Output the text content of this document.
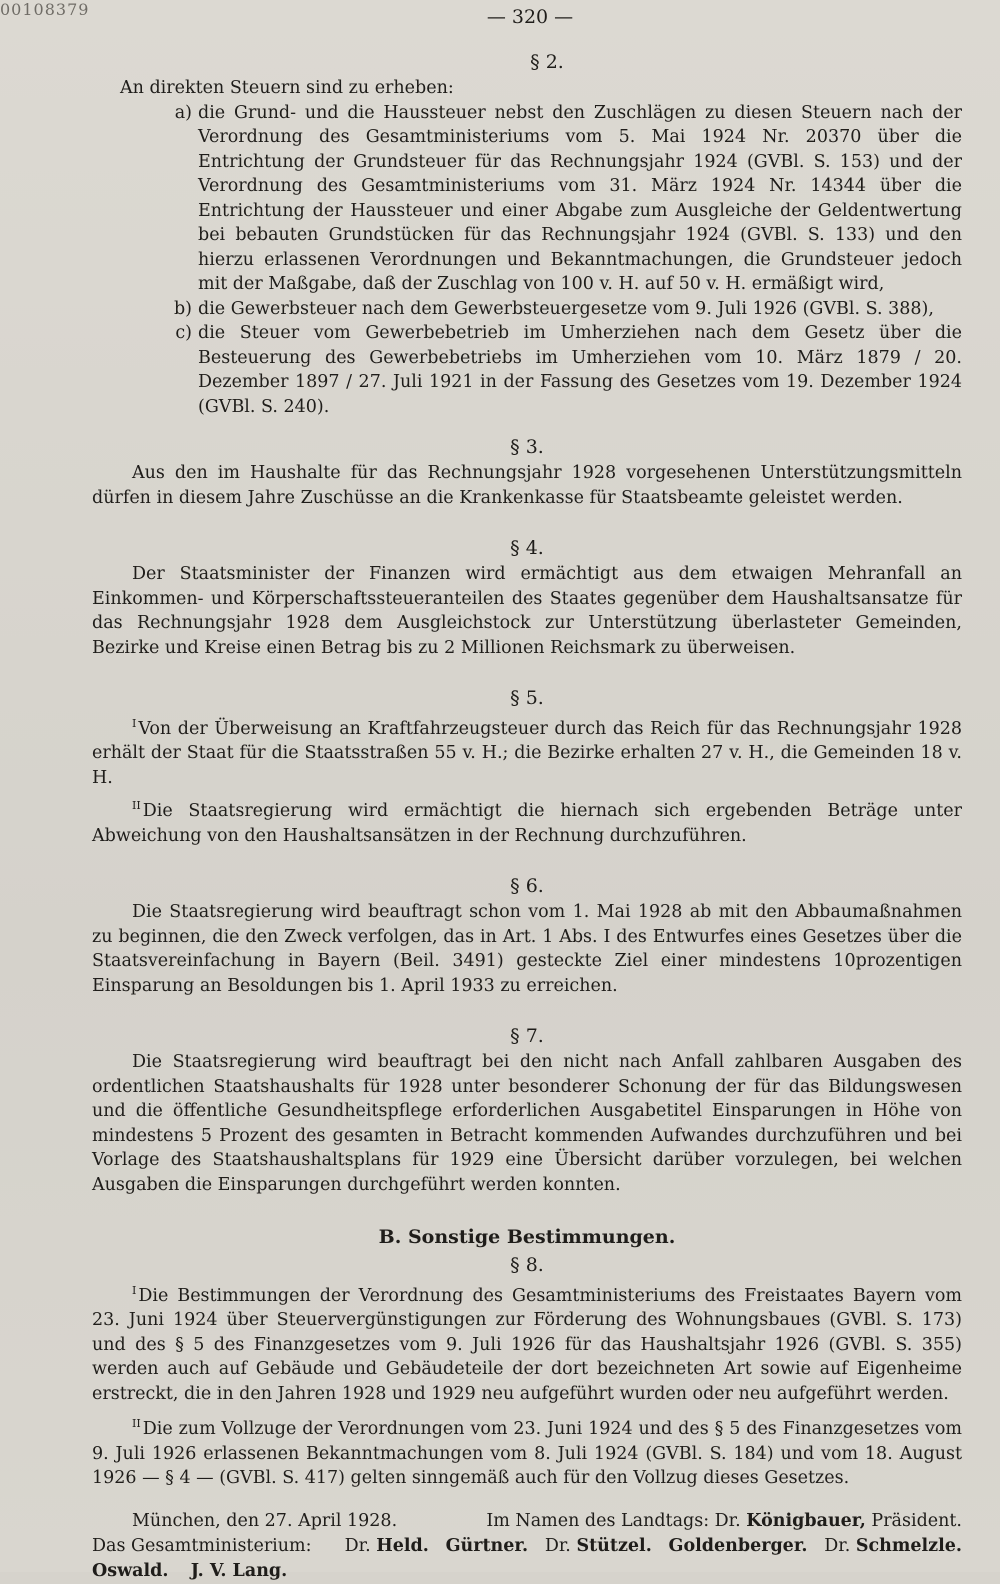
00108379	— 320 —

§ 2.

An direkten Steuern sind zu erheben:

a) die Grund- und die Haussteuer nebst den Zuschlägen zu diesen Steuern nach der Verordnung des Gesamtministeriums vom 5. Mai 1924 Nr. 20370 über die Entrichtung der Grundsteuer für das Rechnungsjahr 1924 (GVBl. S. 153) und der Verordnung des Gesamtministeriums vom 31. März 1924 Nr. 14344 über die Entrichtung der Haussteuer und einer Abgabe zum Ausgleiche der Geldentwertung bei bebauten Grundstücken für das Rechnungsjahr 1924 (GVBl. S. 133) und den hierzu erlassenen Verordnungen und Bekanntmachungen, die Grundsteuer jedoch mit der Maßgabe, daß der Zuschlag von 100 v. H. auf 50 v. H. ermäßigt wird,
b) die Gewerbsteuer nach dem Gewerbsteuergesetze vom 9. Juli 1926 (GVBl. S. 388),
c) die Steuer vom Gewerbebetrieb im Umherziehen nach dem Gesetz über die Besteuerung des Gewerbebetriebs im Umherziehen vom 10. März 1879 / 20. Dezember 1897 / 27. Juli 1921 in der Fassung des Gesetzes vom 19. Dezember 1924 (GVBl. S. 240).

§ 3.

Aus den im Haushalte für das Rechnungsjahr 1928 vorgesehenen Unterstützungsmitteln dürfen in diesem Jahre Zuschüsse an die Krankenkasse für Staatsbeamte geleistet werden.

§ 4.

Der Staatsminister der Finanzen wird ermächtigt aus dem etwaigen Mehranfall an Einkommen- und Körperschaftssteueranteilen des Staates gegenüber dem Haushaltsansatze für das Rechnungsjahr 1928 dem Ausgleichstock zur Unterstützung überlasteter Gemeinden, Bezirke und Kreise einen Betrag bis zu 2 Millionen Reichsmark zu überweisen.

§ 5.

$^I$ Von der Überweisung an Kraftfahrzeugsteuer durch das Reich für das Rechnungsjahr 1928 erhält der Staat für die Staatsstraßen 55 v. H.; die Bezirke erhalten 27 v. H., die Gemeinden 18 v. H.

$^{II}$ Die Staatsregierung wird ermächtigt die hiernach sich ergebenden Beträge unter Abweichung von den Haushaltsansätzen in der Rechnung durchzuführen.

§ 6.

Die Staatsregierung wird beauftragt schon vom 1. Mai 1928 ab mit den Abbaumaßnahmen zu beginnen, die den Zweck verfolgen, das in Art. 1 Abs. I des Entwurfes eines Gesetzes über die Staatsvereinfachung in Bayern (Beil. 3491) gesteckte Ziel einer mindestens 10prozentigen Einsparung an Besoldungen bis 1. April 1933 zu erreichen.

§ 7.

Die Staatsregierung wird beauftragt bei den nicht nach Anfall zahlbaren Ausgaben des ordentlichen Staatshaushalts für 1928 unter besonderer Schonung der für das Bildungswesen und die öffentliche Gesundheitspflege erforderlichen Ausgabetitel Einsparungen in Höhe von mindestens 5 Prozent des gesamten in Betracht kommenden Aufwandes durchzuführen und bei Vorlage des Staatshaushaltsplans für 1929 eine Übersicht darüber vorzulegen, bei welchen Ausgaben die Einsparungen durchgeführt werden konnten.

B. Sonstige Bestimmungen.

§ 8.

$^I$ Die Bestimmungen der Verordnung des Gesamtministeriums des Freistaates Bayern vom 23. Juni 1924 über Steuervergünstigungen zur Förderung des Wohnungsbaues (GVBl. S. 173) und des § 5 des Finanzgesetzes vom 9. Juli 1926 für das Haushaltsjahr 1926 (GVBl. S. 355) werden auch auf Gebäude und Gebäudeteile der dort bezeichneten Art sowie auf Eigenheime erstreckt, die in den Jahren 1928 und 1929 neu aufgeführt wurden oder neu aufgeführt werden.

$^{II}$ Die zum Vollzuge der Verordnungen vom 23. Juni 1924 und des § 5 des Finanzgesetzes vom 9. Juli 1926 erlassenen Bekanntmachungen vom 8. Juli 1924 (GVBl. S. 184) und vom 18. August 1926 — § 4 — (GVBl. S. 417) gelten sinngemäß auch für den Vollzug dieses Gesetzes.

München, den 27. April 1928.	Im Namen des Landtags: Dr. Königbauer, Präsident.
Das Gesamtministerium: Dr. Held. Gürtner. Dr. Stützel. Goldenberger. Dr. Schmelzle.
Oswald. J. V. Lang.
